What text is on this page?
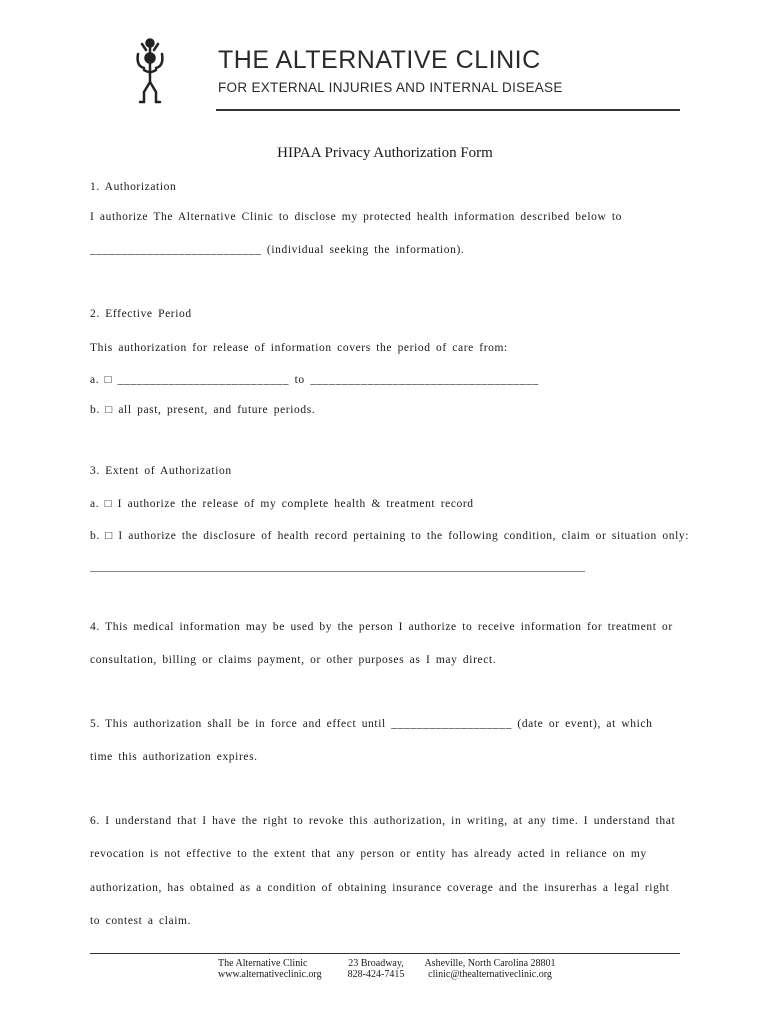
THE ALTERNATIVE CLINIC
FOR EXTERNAL INJURIES AND INTERNAL DISEASE
HIPAA Privacy Authorization Form
1. Authorization
I authorize The Alternative Clinic to disclose my protected health information described below to
___________________________ (individual seeking the information).
2. Effective Period
This authorization for release of information covers the period of care from:
a. □ ___________________________ to ____________________________________
b. □ all past, present, and future periods.
3. Extent of Authorization
a. □ I authorize the release of my complete health & treatment record
b. □ I authorize the disclosure of health record pertaining to the following condition, claim or situation only:
___________________________________________________________________________________________________
4. This medical information may be used by the person I authorize to receive information for treatment or
consultation, billing or claims payment, or other purposes as I may direct.
5. This authorization shall be in force and effect until ___________________ (date or event), at which
time this authorization expires.
6. I understand that I have the right to revoke this authorization, in writing, at any time. I understand that
revocation is not effective to the extent that any person or entity has already acted in reliance on my
authorization, has obtained as a condition of obtaining insurance coverage and the insurerhas a legal right
to contest a claim.
The Alternative Clinic
www.alternativeclinic.org
23 Broadway,
828-424-7415
Asheville, North Carolina 28801
clinic@thealternativeclinic.org
